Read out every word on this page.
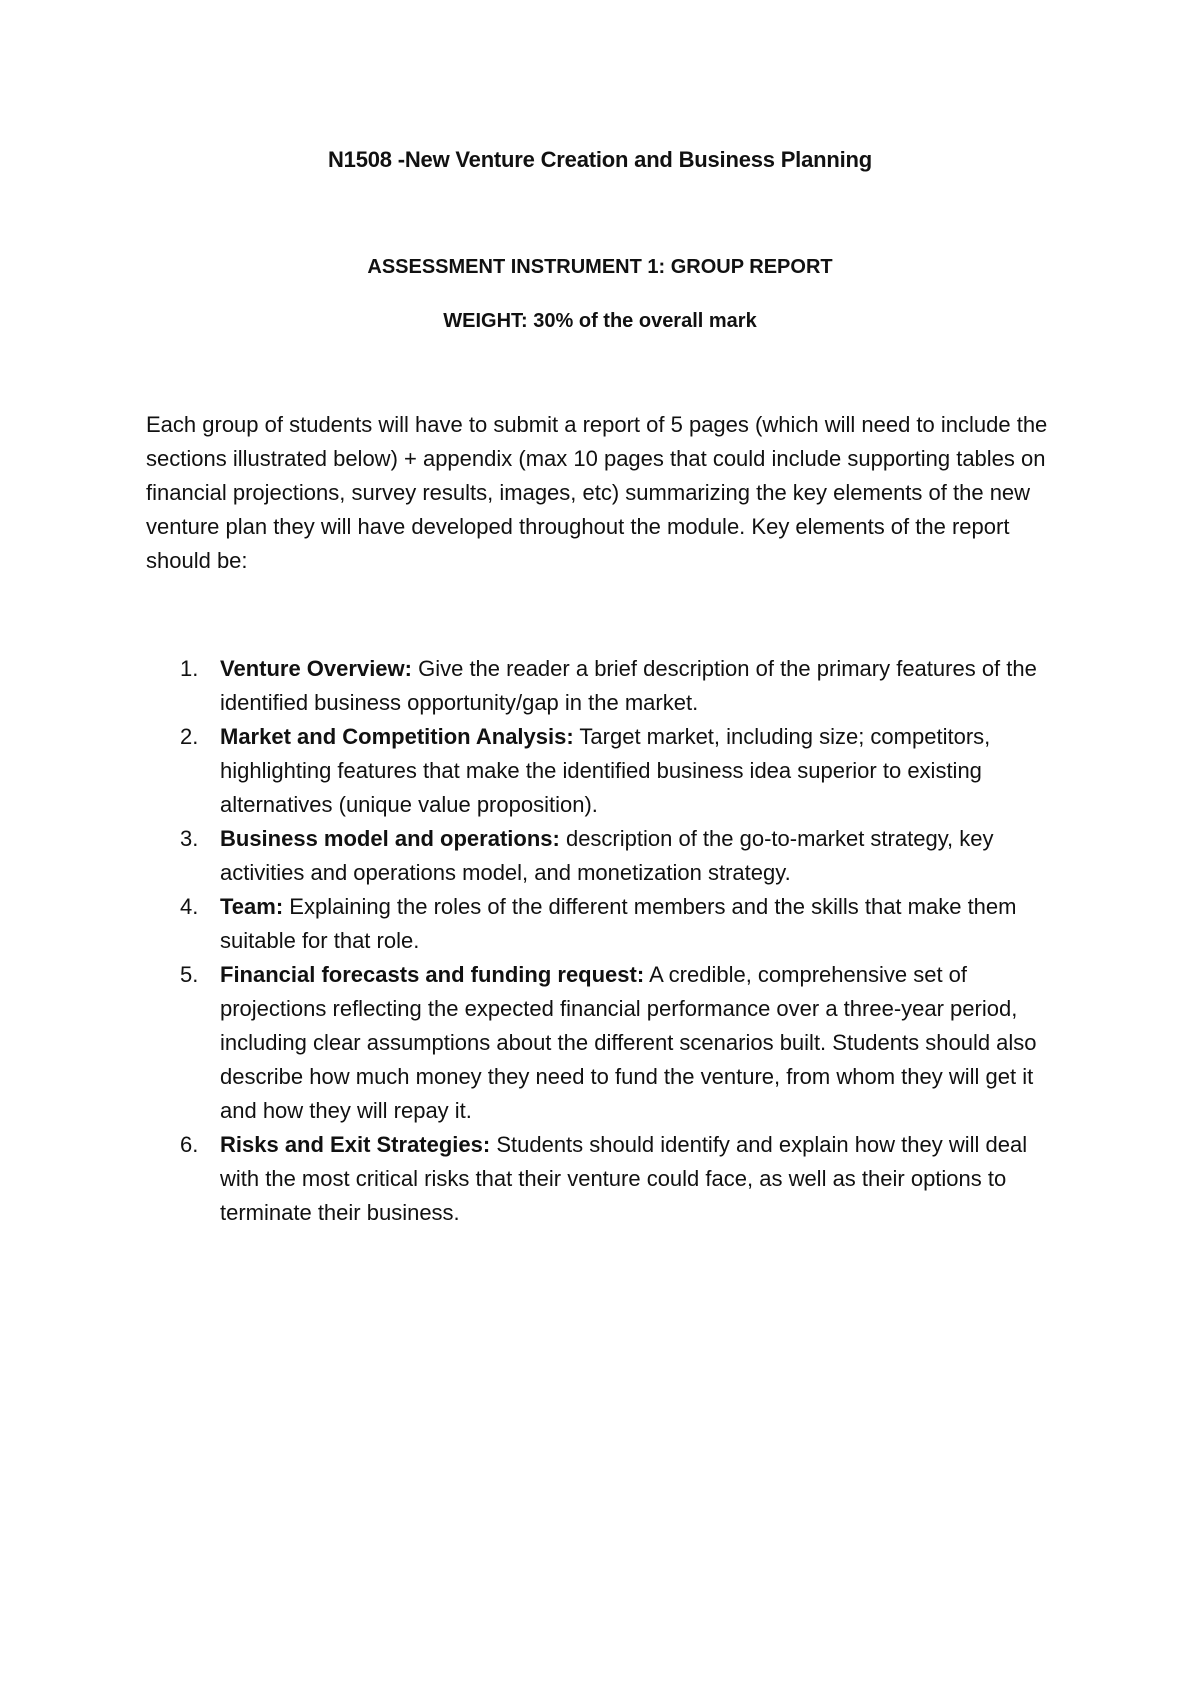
N1508 -New Venture Creation and Business Planning
ASSESSMENT INSTRUMENT 1: GROUP REPORT
WEIGHT: 30% of the overall mark

Each group of students will have to submit a report of 5 pages (which will need to include the sections illustrated below) + appendix (max 10 pages that could include supporting tables on financial projections, survey results, images, etc) summarizing the key elements of the new venture plan they will have developed throughout the module. Key elements of the report should be:

1. Venture Overview: Give the reader a brief description of the primary features of the identified business opportunity/gap in the market.
2. Market and Competition Analysis: Target market, including size; competitors, highlighting features that make the identified business idea superior to existing alternatives (unique value proposition).
3. Business model and operations: description of the go-to-market strategy, key activities and operations model, and monetization strategy.
4. Team: Explaining the roles of the different members and the skills that make them suitable for that role.
5. Financial forecasts and funding request: A credible, comprehensive set of projections reflecting the expected financial performance over a three-year period, including clear assumptions about the different scenarios built. Students should also describe how much money they need to fund the venture, from whom they will get it and how they will repay it.
6. Risks and Exit Strategies: Students should identify and explain how they will deal with the most critical risks that their venture could face, as well as their options to terminate their business.
